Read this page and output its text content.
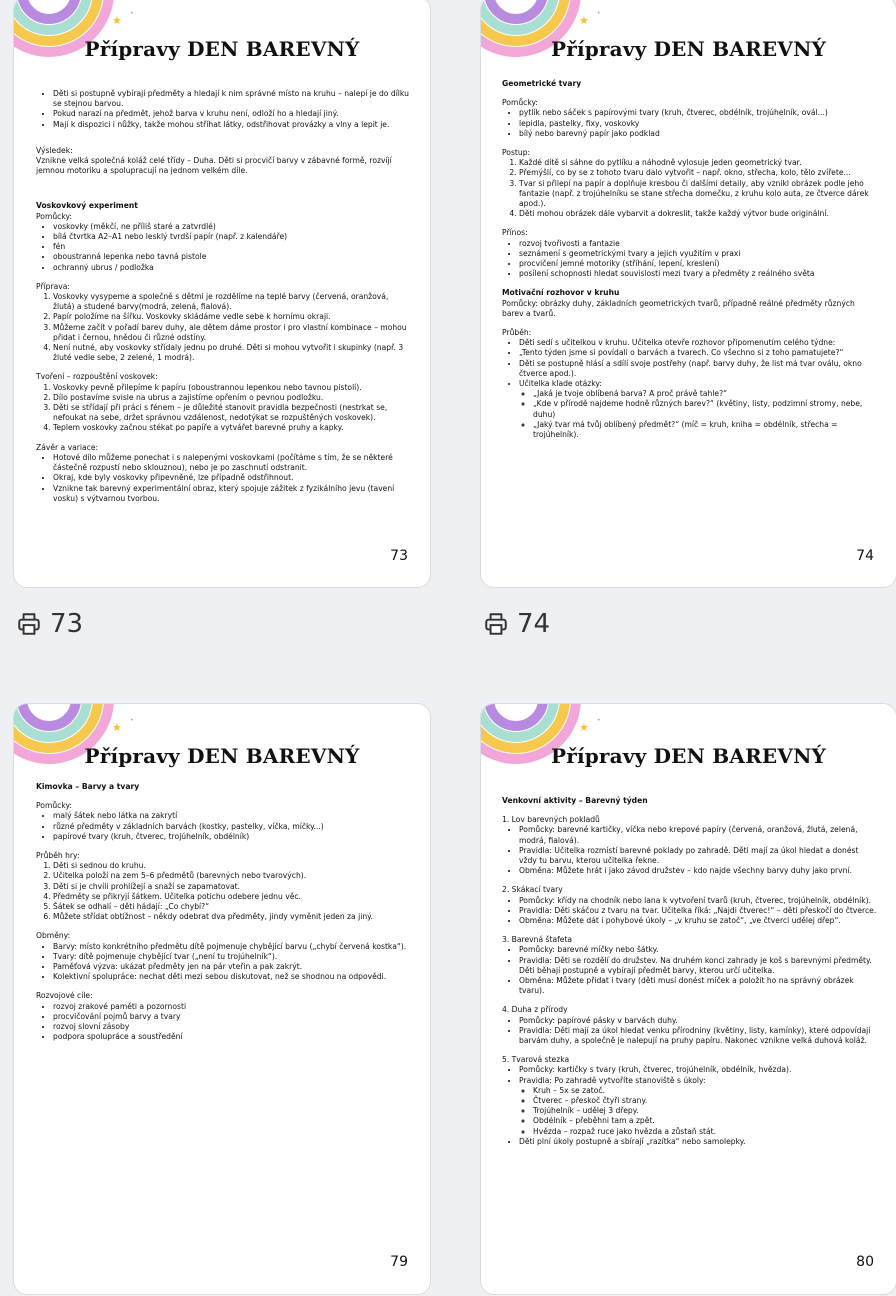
★
•
Přípravy DEN BAREVNÝ
• Děti si postupně vybírají předměty a hledají k nim správné místo na kruhu – nalepí je do dílku se stejnou barvou.
• Pokud narazí na předmět, jehož barva v kruhu není, odloží ho a hledají jiný.
• Mají k dispozici i nůžky, takže mohou stříhat látky, odstřihovat provázky a vlny a lepit je.

Výsledek:

Vznikne velká společná koláž celé třídy – Duha. Děti si procvičí barvy v zábavné formě, rozvíjí jemnou motoriku a spolupracují na jednom velkém díle.

Voskovkový experiment

Pomůcky:

• voskovky (měkčí, ne příliš staré a zatvrdlé)
• bílá čtvrtka A2–A1 nebo lesklý tvrdší papír (např. z kalendáře)
• fén
• oboustranná lepenka nebo tavná pistole
• ochranný ubrus / podložka

Příprava:

1. Voskovky vysypeme a společně s dětmi je rozdělíme na teplé barvy (červená, oranžová, žlutá) a studené barvy(modrá, zelená, fialová).
2. Papír položíme na šířku. Voskovky skládáme vedle sebe k hornímu okraji.
3. Můžeme začít v pořadí barev duhy, ale dětem dáme prostor i pro vlastní kombinace – mohou přidat i černou, hnědou či různé odstíny.
4. Není nutné, aby voskovky střídaly jednu po druhé. Děti si mohou vytvořit i skupinky (např. 3 žluté vedle sebe, 2 zelené, 1 modrá).

Tvoření – rozpouštění voskovek:

1. Voskovky pevně přilepíme k papíru (oboustrannou lepenkou nebo tavnou pistolí).
2. Dílo postavíme svisle na ubrus a zajistíme opřením o pevnou podložku.
3. Děti se střídají při práci s fénem – je důležité stanovit pravidla bezpečnosti (nestrkat se, nefoukat na sebe, držet správnou vzdálenost, nedotýkat se rozpuštěných voskovek).
4. Teplem voskovky začnou stékat po papíře a vytvářet barevné pruhy a kapky.

Závěr a variace:

• Hotové dílo můžeme ponechat i s nalepenými voskovkami (počítáme s tím, že se některé částečně rozpustí nebo sklouznou), nebo je po zaschnutí odstranit.
• Okraj, kde byly voskovky připevněné, lze případně odstřihnout.
• Vznikne tak barevný experimentální obraz, který spojuje zážitek z fyzikálního jevu (tavení vosku) s výtvarnou tvorbou.
73
★
•
Přípravy DEN BAREVNÝ

Geometrické tvary

Pomůcky:

• pytlík nebo sáček s papírovými tvary (kruh, čtverec, obdélník, trojúhelník, ovál...)
• lepidla, pastelky, fixy, voskovky
• bílý nebo barevný papír jako podklad

Postup:

1. Každé dítě si sáhne do pytlíku a náhodně vylosuje jeden geometrický tvar.
2. Přemýšlí, co by se z tohoto tvaru dalo vytvořit – např. okno, střecha, kolo, tělo zvířete...
3. Tvar si přilepí na papír a doplňuje kresbou či dalšími detaily, aby vznikl obrázek podle jeho fantazie (např. z trojúhelníku se stane střecha domečku, z kruhu kolo auta, ze čtverce dárek apod.).
4. Děti mohou obrázek dále vybarvit a dokreslit, takže každý výtvor bude originální.

Přínos:

• rozvoj tvořivosti a fantazie
• seznámení s geometrickými tvary a jejich využitím v praxi
• procvičení jemné motoriky (stříhání, lepení, kreslení)
• posílení schopnosti hledat souvislosti mezi tvary a předměty z reálného světa

Motivační rozhovor v kruhu

Pomůcky: obrázky duhy, základních geometrických tvarů, případně reálné předměty různých barev a tvarů.

Průběh:

• Děti sedí s učitelkou v kruhu. Učitelka otevře rozhovor připomenutím celého týdne:
• „Tento týden jsme si povídali o barvách a tvarech. Co všechno si z toho pamatujete?“
• Děti se postupně hlásí a sdílí svoje postřehy (např. barvy duhy, že list má tvar oválu, okno čtverce apod.).
• Učitelka klade otázky:
◦ „Jaká je tvoje oblíbená barva? A proč právě tahle?“
◦ „Kde v přírodě najdeme hodně různých barev?“ (květiny, listy, podzimní stromy, nebe, duhu)
◦ „Jaký tvar má tvůj oblíbený předmět?“ (míč = kruh, kniha = obdélník, střecha = trojúhelník).
74
73	74
★
•
Přípravy DEN BAREVNÝ

Kimovka – Barvy a tvary

Pomůcky:

• malý šátek nebo látka na zakrytí
• různé předměty v základních barvách (kostky, pastelky, víčka, míčky...)
• papírové tvary (kruh, čtverec, trojúhelník, obdélník)

Průběh hry:

1. Děti si sednou do kruhu.
2. Učitelka položí na zem 5–6 předmětů (barevných nebo tvarových).
3. Děti si je chvíli prohlížejí a snaží se zapamatovat.
4. Předměty se přikryjí šátkem. Učitelka potichu odebere jednu věc.
5. Šátek se odhalí – děti hádají: „Co chybí?“
6. Můžete střídat obtížnost – někdy odebrat dva předměty, jindy vyměnit jeden za jiný.

Obměny:

• Barvy: místo konkrétního předmětu dítě pojmenuje chybějící barvu („chybí červená kostka“).
• Tvary: dítě pojmenuje chybějící tvar („není tu trojúhelník“).
• Paměťová výzva: ukázat předměty jen na pár vteřin a pak zakrýt.
• Kolektivní spolupráce: nechat děti mezi sebou diskutovat, než se shodnou na odpovědi.

Rozvojové cíle:

• rozvoj zrakové paměti a pozornosti
• procvičování pojmů barvy a tvary
• rozvoj slovní zásoby
• podpora spolupráce a soustředění
79
★
•
Přípravy DEN BAREVNÝ

Venkovní aktivity – Barevný týden

1. Lov barevných pokladů

• Pomůcky: barevné kartičky, víčka nebo krepové papíry (červená, oranžová, žlutá, zelená, modrá, fialová).
• Pravidla: Učitelka rozmístí barevné poklady po zahradě. Děti mají za úkol hledat a donést vždy tu barvu, kterou učitelka řekne.
• Obměna: Můžete hrát i jako závod družstev – kdo najde všechny barvy duhy jako první.

2. Skákací tvary

• Pomůcky: křídy na chodník nebo lana k vytvoření tvarů (kruh, čtverec, trojúhelník, obdélník).
• Pravidla: Děti skáčou z tvaru na tvar. Učitelka říká: „Najdi čtverec!“ – děti přeskočí do čtverce.
• Obměna: Můžete dát i pohybové úkoly – „v kruhu se zatoč“, „ve čtverci udělej dřep“.

3. Barevná štafeta

• Pomůcky: barevné míčky nebo šátky.
• Pravidla: Děti se rozdělí do družstev. Na druhém konci zahrady je koš s barevnými předměty. Děti běhají postupně a vybírají předmět barvy, kterou určí učitelka.
• Obměna: Můžete přidat i tvary (děti musí donést míček a položit ho na správný obrázek tvaru).

4. Duha z přírody

• Pomůcky: papírové pásky v barvách duhy.
• Pravidla: Děti mají za úkol hledat venku přírodniny (květiny, listy, kamínky), které odpovídají barvám duhy, a společně je nalepují na pruhy papíru. Nakonec vznikne velká duhová koláž.

5. Tvarová stezka

• Pomůcky: kartičky s tvary (kruh, čtverec, trojúhelník, obdélník, hvězda).
• Pravidla: Po zahradě vytvoříte stanoviště s úkoly:
◦ Kruh – 5x se zatoč.
◦ Čtverec – přeskoč čtyři strany.
◦ Trojúhelník – udělej 3 dřepy.
◦ Obdélník – přeběhni tam a zpět.
◦ Hvězda – rozpaž ruce jako hvězda a zůstaň stát.
• Děti plní úkoly postupně a sbírají „razítka“ nebo samolepky.
80
